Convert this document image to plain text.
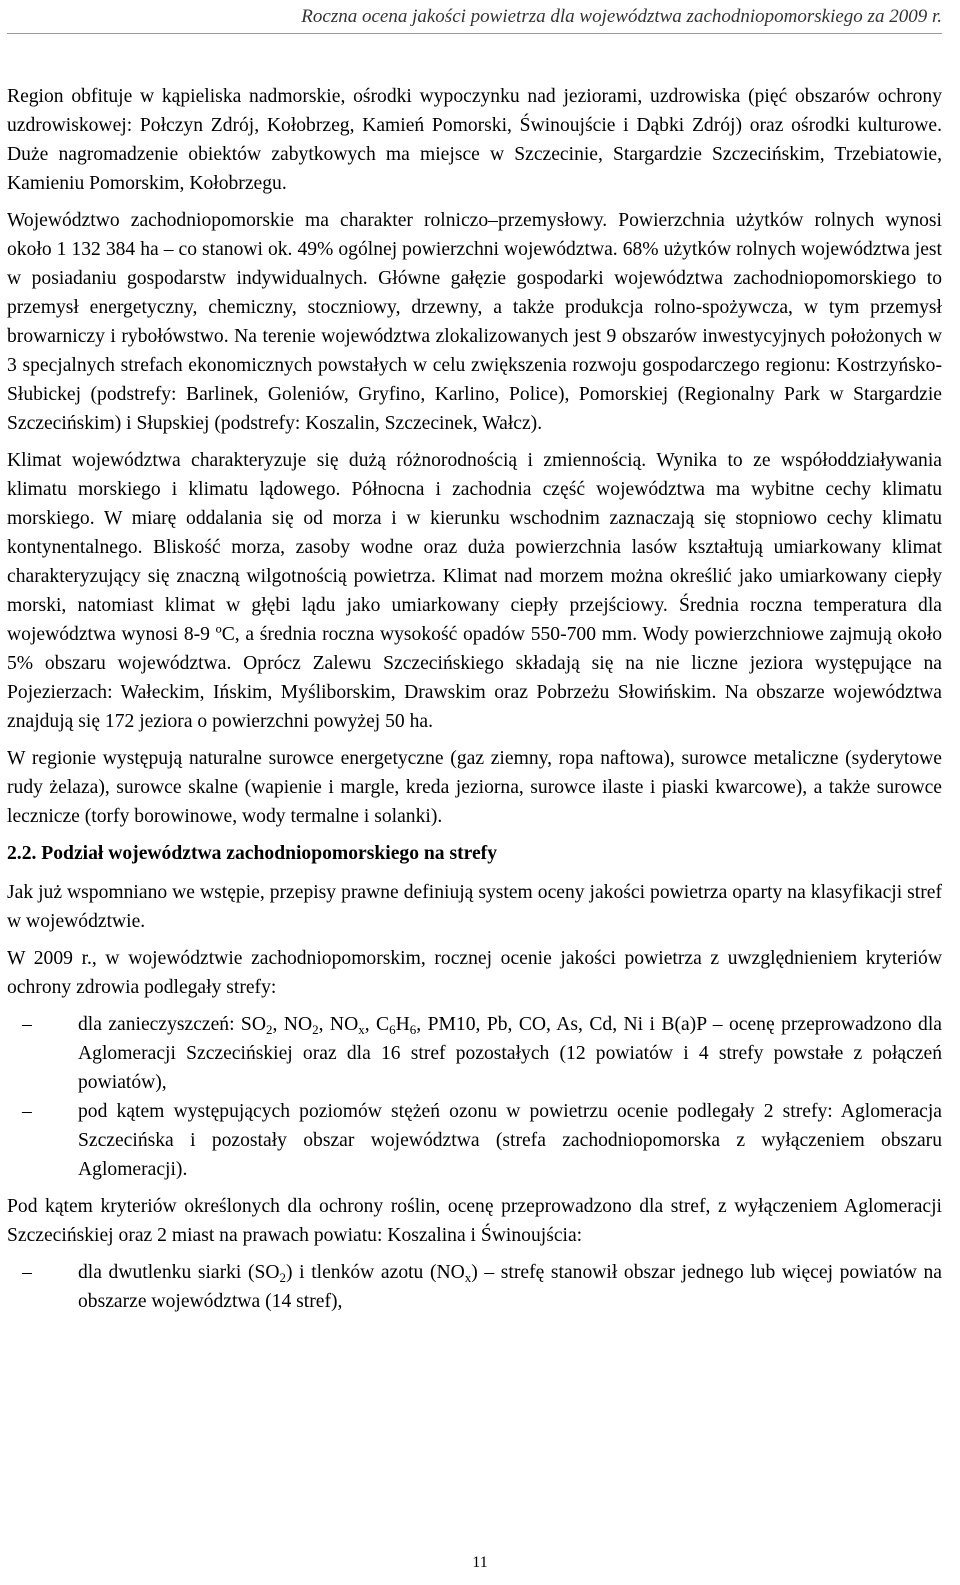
Roczna ocena jakości powietrza dla województwa zachodniopomorskiego za 2009 r.

Region obfituje w kąpieliska nadmorskie, ośrodki wypoczynku nad jeziorami, uzdrowiska (pięć obszarów ochrony uzdrowiskowej: Połczyn Zdrój, Kołobrzeg, Kamień Pomorski, Świnoujście i Dąbki Zdrój) oraz ośrodki kulturowe. Duże nagromadzenie obiektów zabytkowych ma miejsce w Szczecinie, Stargardzie Szczecińskim, Trzebiatowie, Kamieniu Pomorskim, Kołobrzegu.

Województwo zachodniopomorskie ma charakter rolniczo–przemysłowy. Powierzchnia użytków rolnych wynosi około 1 132 384 ha – co stanowi ok. 49% ogólnej powierzchni województwa. 68% użytków rolnych województwa jest w posiadaniu gospodarstw indywidualnych. Główne gałęzie gospodarki województwa zachodniopomorskiego to przemysł energetyczny, chemiczny, stoczniowy, drzewny, a także produkcja rolno-spożywcza, w tym przemysł browarniczy i rybołówstwo. Na terenie województwa zlokalizowanych jest 9 obszarów inwestycyjnych położonych w 3 specjalnych strefach ekonomicznych powstałych w celu zwiększenia rozwoju gospodarczego regionu: Kostrzyńsko-Słubickej (podstrefy: Barlinek, Goleniów, Gryfino, Karlino, Police), Pomorskiej (Regionalny Park w Stargardzie Szczecińskim) i Słupskiej (podstrefy: Koszalin, Szczecinek, Wałcz).

Klimat województwa charakteryzuje się dużą różnorodnością i zmiennością. Wynika to ze współoddziaływania klimatu morskiego i klimatu lądowego. Północna i zachodnia część województwa ma wybitne cechy klimatu morskiego. W miarę oddalania się od morza i w kierunku wschodnim zaznaczają się stopniowo cechy klimatu kontynentalnego. Bliskość morza, zasoby wodne oraz duża powierzchnia lasów kształtują umiarkowany klimat charakteryzujący się znaczną wilgotnością powietrza. Klimat nad morzem można określić jako umiarkowany ciepły morski, natomiast klimat w głębi lądu jako umiarkowany ciepły przejściowy. Średnia roczna temperatura dla województwa wynosi 8-9 ºC, a średnia roczna wysokość opadów 550-700 mm. Wody powierzchniowe zajmują około 5% obszaru województwa. Oprócz Zalewu Szczecińskiego składają się na nie liczne jeziora występujące na Pojezierzach: Wałeckim, Ińskim, Myśliborskim, Drawskim oraz Pobrzeżu Słowińskim. Na obszarze województwa znajdują się 172 jeziora o powierzchni powyżej 50 ha.

W regionie występują naturalne surowce energetyczne (gaz ziemny, ropa naftowa), surowce metaliczne (syderytowe rudy żelaza), surowce skalne (wapienie i margle, kreda jeziorna, surowce ilaste i piaski kwarcowe), a także surowce lecznicze (torfy borowinowe, wody termalne i solanki).

2.2. Podział województwa zachodniopomorskiego na strefy

Jak już wspomniano we wstępie, przepisy prawne definiują system oceny jakości powietrza oparty na klasyfikacji stref w województwie.

W 2009 r., w województwie zachodniopomorskim, rocznej ocenie jakości powietrza z uwzględnieniem kryteriów ochrony zdrowia podlegały strefy:

– dla zanieczyszczeń: $SO_2$, $NO_2$, $NO_x$, $C_6H_6$, PM10, Pb, CO, As, Cd, Ni i B(a)P – ocenę przeprowadzono dla Aglomeracji Szczecińskiej oraz dla 16 stref pozostałych (12 powiatów i 4 strefy powstałe z połączeń powiatów),
– pod kątem występujących poziomów stężeń ozonu w powietrzu ocenie podlegały 2 strefy: Aglomeracja Szczecińska i pozostały obszar województwa (strefa zachodniopomorska z wyłączeniem obszaru Aglomeracji).

Pod kątem kryteriów określonych dla ochrony roślin, ocenę przeprowadzono dla stref, z wyłączeniem Aglomeracji Szczecińskiej oraz 2 miast na prawach powiatu: Koszalina i Świnoujścia:

– dla dwutlenku siarki $(SO_2)$ i tlenków azotu $(NO_x)$ – strefę stanowił obszar jednego lub więcej powiatów na obszarze województwa (14 stref),
11
